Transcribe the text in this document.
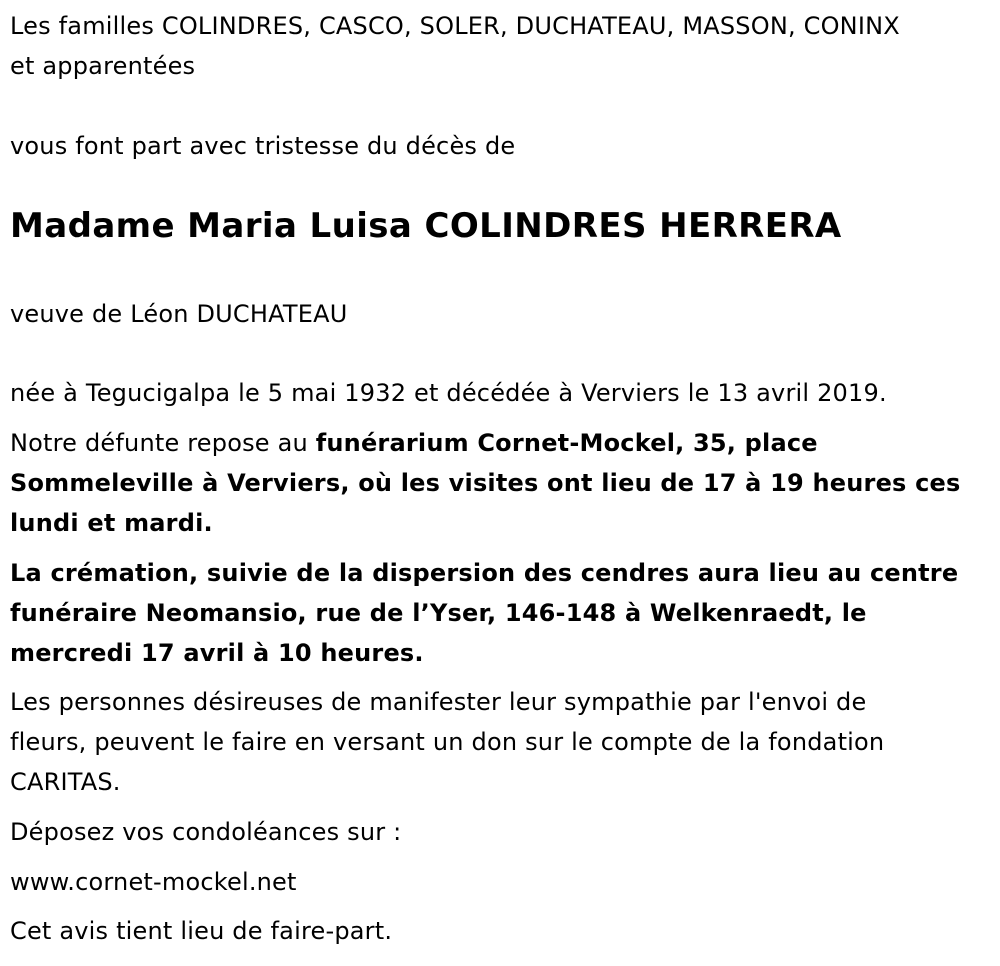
Les familles COLINDRES, CASCO, SOLER, DUCHATEAU, MASSON, CONINX
et apparentées
vous font part avec tristesse du décès de
Madame Maria Luisa COLINDRES HERRERA
veuve de Léon DUCHATEAU
née à Tegucigalpa le 5 mai 1932 et décédée à Verviers le 13 avril 2019.
Notre défunte repose au funérarium Cornet-Mockel, 35, place
Sommeleville à Verviers, où les visites ont lieu de 17 à 19 heures ces
lundi et mardi.
La crémation, suivie de la dispersion des cendres aura lieu au centre
funéraire Neomansio, rue de l’Yser, 146-148 à Welkenraedt, le
mercredi 17 avril à 10 heures.
Les personnes désireuses de manifester leur sympathie par l'envoi de
fleurs, peuvent le faire en versant un don sur le compte de la fondation
CARITAS.
Déposez vos condoléances sur :
www.cornet-mockel.net
Cet avis tient lieu de faire-part.
